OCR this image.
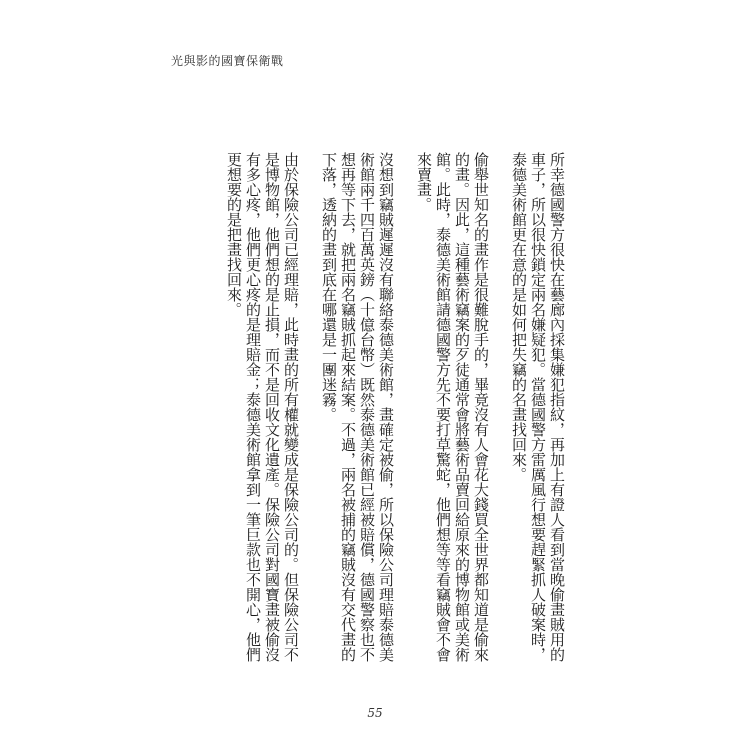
光與影的國寶保衛戰

所幸德國警方很快在藝廊內採集嫌犯指紋，再加上有證人看到當晚偷畫賊用的車子，所以很快鎖定兩名嫌疑犯。當德國警方雷厲風行想要趕緊抓人破案時，泰德美術館更在意的是如何把失竊的名畫找回來。

偷舉世知名的畫作是很難脫手的，畢竟沒有人會花大錢買全世界都知道是偷來的畫。因此，這種藝術竊案的歹徒通常會將藝術品賣回給原來的博物館或美術館。此時，泰德美術館請德國警方先不要打草驚蛇，他們想等等看竊賊會不會來賣畫。

沒想到竊賊遲遲沒有聯絡泰德美術館，畫確定被偷，所以保險公司理賠泰德美術館兩千四百萬英鎊（十億台幣）既然泰德美術館已經被賠償，德國警察也不想再等下去，就把兩名竊賊抓起來結案。不過，兩名被捕的竊賊沒有交代畫的下落，透納的畫到底在哪還是一團迷霧。

由於保險公司已經理賠，此時畫的所有權就變成是保險公司的。但保險公司不是博物館，他們想的是止損，而不是回收文化遺產。保險公司對國寶畫被偷沒有多心疼，他們更心疼的是理賠金；泰德美術館拿到一筆巨款也不開心，他們更想要的是把畫找回來。

55
